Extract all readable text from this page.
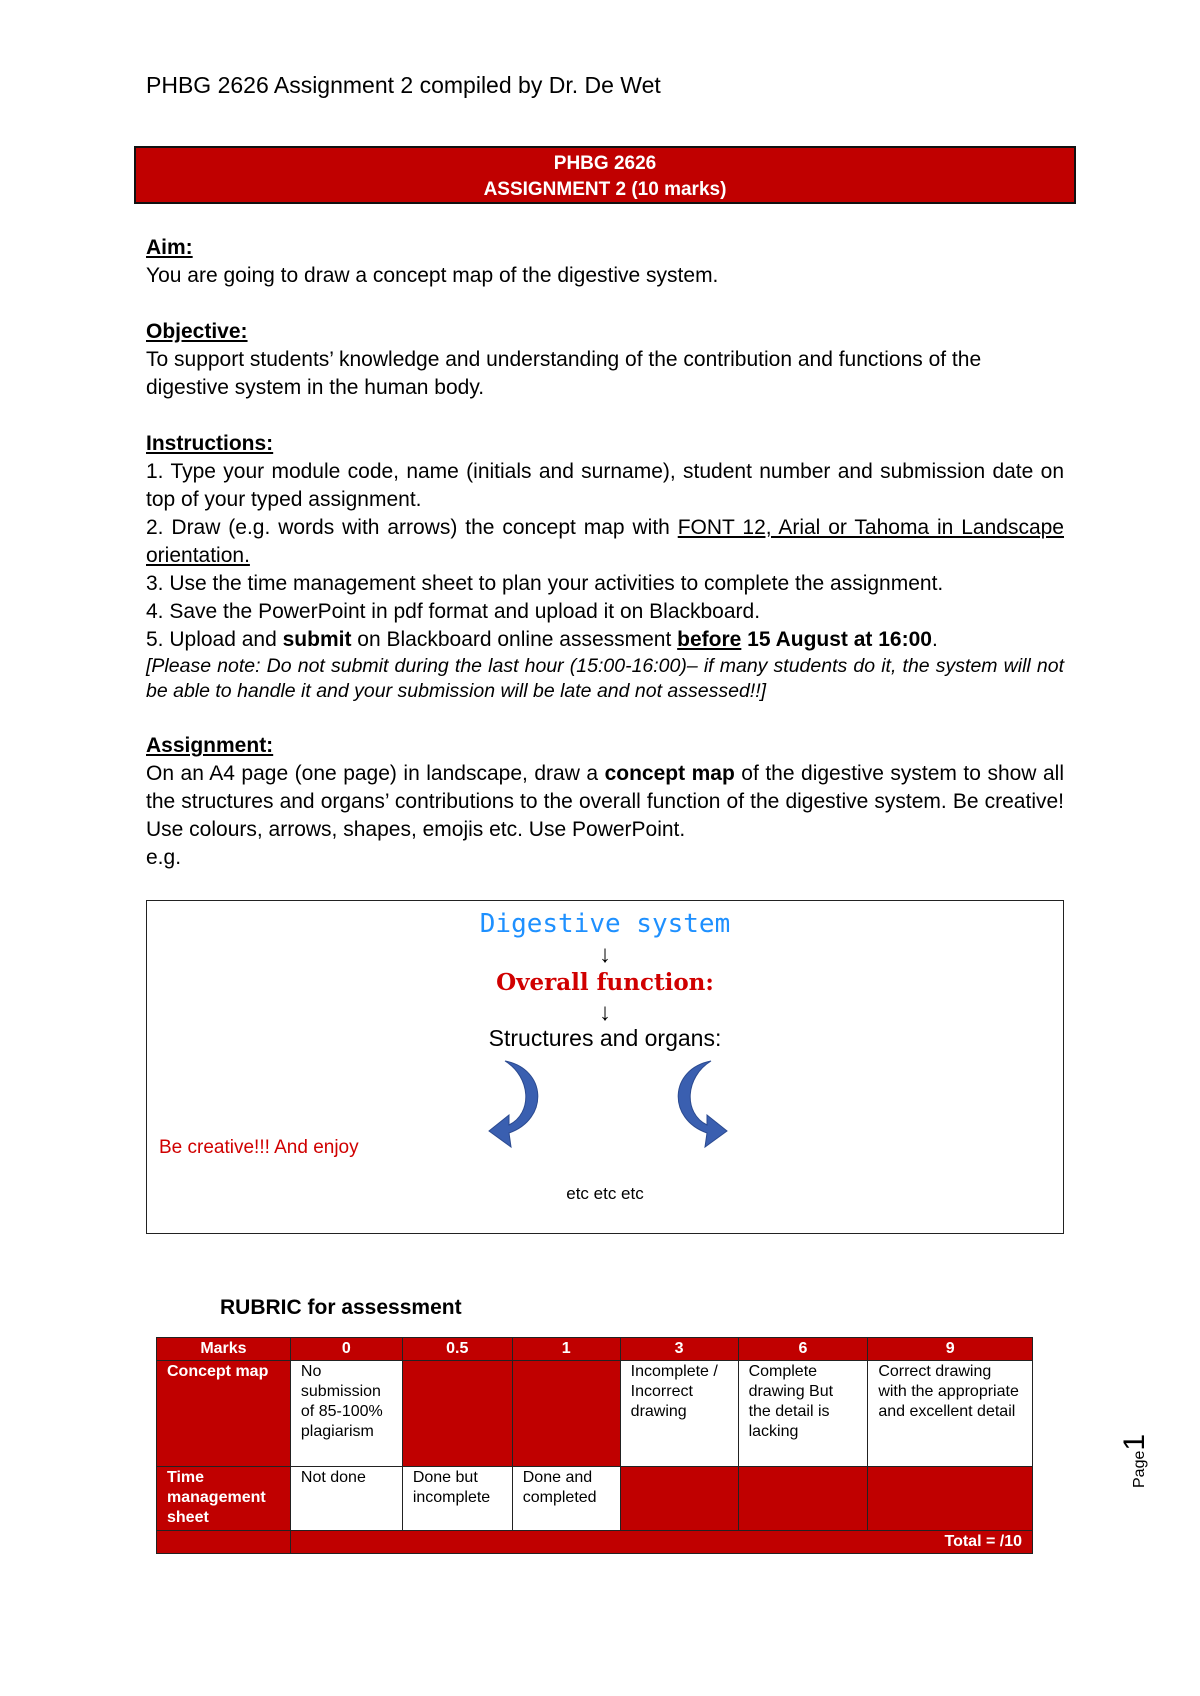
PHBG 2626 Assignment 2 compiled by Dr. De Wet
PHBG 2626
ASSIGNMENT 2 (10 marks)

Aim:

You are going to draw a concept map of the digestive system.

Objective:

To support students’ knowledge and understanding of the contribution and functions of the digestive system in the human body.

Instructions:

1. Type your module code, name (initials and surname), student number and submission date on top of your typed assignment.

2. Draw (e.g. words with arrows) the concept map with FONT 12, Arial or Tahoma in Landscape orientation.

3. Use the time management sheet to plan your activities to complete the assignment.

4. Save the PowerPoint in pdf format and upload it on Blackboard.

5. Upload and submit on Blackboard online assessment before 15 August at 16:00.

[Please note: Do not submit during the last hour (15:00-16:00)– if many students do it, the system will not be able to handle it and your submission will be late and not assessed!!]

Assignment:

On an A4 page (one page) in landscape, draw a concept map of the digestive system to show all the structures and organs’ contributions to the overall function of the digestive system. Be creative! Use colours, arrows, shapes, emojis etc. Use PowerPoint.

e.g.

Digestive system
↓
Overall function:
↓
Structures and organs:
Be creative!!! And enjoy
etc etc etc
RUBRIC for assessment
Marks	0	0.5	1	3	6	9
Concept map	No submission of 85-100% plagiarism			Incomplete / Incorrect drawing	Complete drawing But the detail is lacking	Correct drawing with the appropriate and excellent detail
Time management sheet	Not done	Done but incomplete	Done and completed			
	Total = /10					
Page1
